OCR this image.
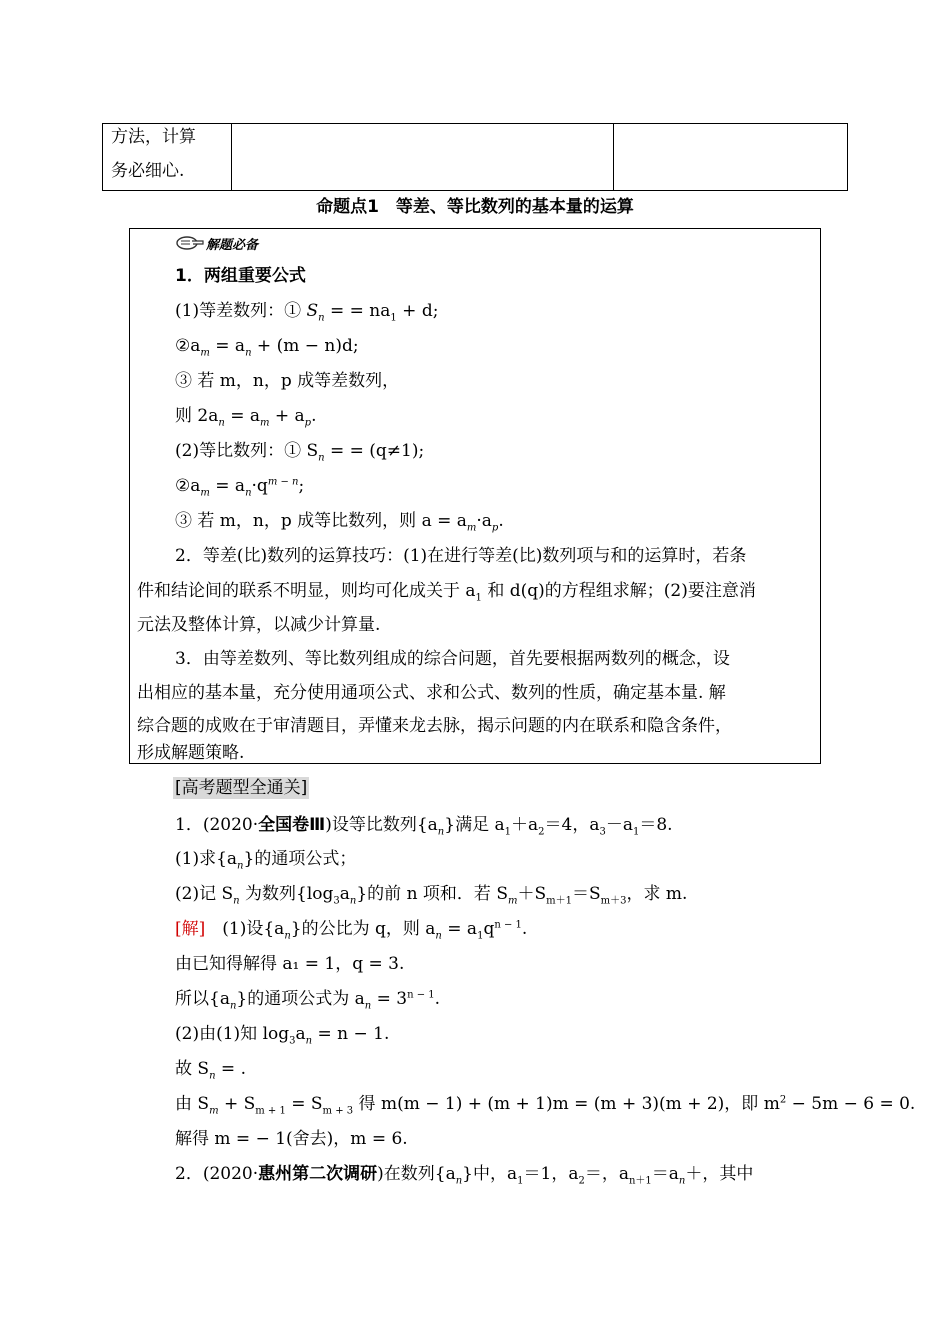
方法，计算
务必细心.
命题点1　等差、等比数列的基本量的运算
解题必备
1．两组重要公式
(1)等差数列：① $S_n$ = = $na_1 + d$;
$②a_m = a_n + (m - n)d$;
③ 若 m，n，p 成等差数列，
则 $2a_n = a_m + a_p$.
(2)等比数列：① $S_n$ = = (q≠1);
$②a_m = a_n\cdot q^{m - n}$;
③ 若 m，n，p 成等比数列，则 $a = a_m\cdot a_p$.
2．等差(比)数列的运算技巧：(1)在进行等差(比)数列项与和的运算时，若条
件和结论间的联系不明显，则均可化成关于 $a_1$ 和 d(q)的方程组求解；(2)要注意消
元法及整体计算，以减少计算量.
3．由等差数列、等比数列组成的综合问题，首先要根据两数列的概念，设
出相应的基本量，充分使用通项公式、求和公式、数列的性质，确定基本量. 解
综合题的成败在于审清题目，弄懂来龙去脉，揭示问题的内在联系和隐含条件，
形成解题策略.
[高考题型全通关]
1．(2020·全国卷Ⅲ)设等比数列$\{a_n\}$满足 $a_1+a_2=4$，$a_3-a_1=8$.
(1)求$\{a_n\}$的通项公式；
(2)记 $S_n$ 为数列$\{\log_3a_n\}$的前 n 项和．若 $S_m+S_{m+1}=S_{m+3}$，求 m.
[解]　(1)设$\{a_n\}$的公比为 q，则 $a_n = a_1q^{n - 1}$.
由已知得解得 a₁ = 1，q = 3.
所以$\{a_n\}$的通项公式为 $a_n = 3^{n - 1}$.
(2)由(1)知 $\log_3a_n = n - 1$.
故 $S_n$ = .
由 $S_m + S_{m + 1} = S_{m + 3}$ 得 m(m − 1) + (m + 1)m = (m + 3)(m + 2)，即 $m^2 - 5m - 6 = 0$.
解得 m = − 1(舍去)，m = 6.
2．(2020·惠州第二次调研)在数列$\{a_n\}$中，$a_1=1$，$a_2=$，$a_{n+1}=a_n+$，其中
